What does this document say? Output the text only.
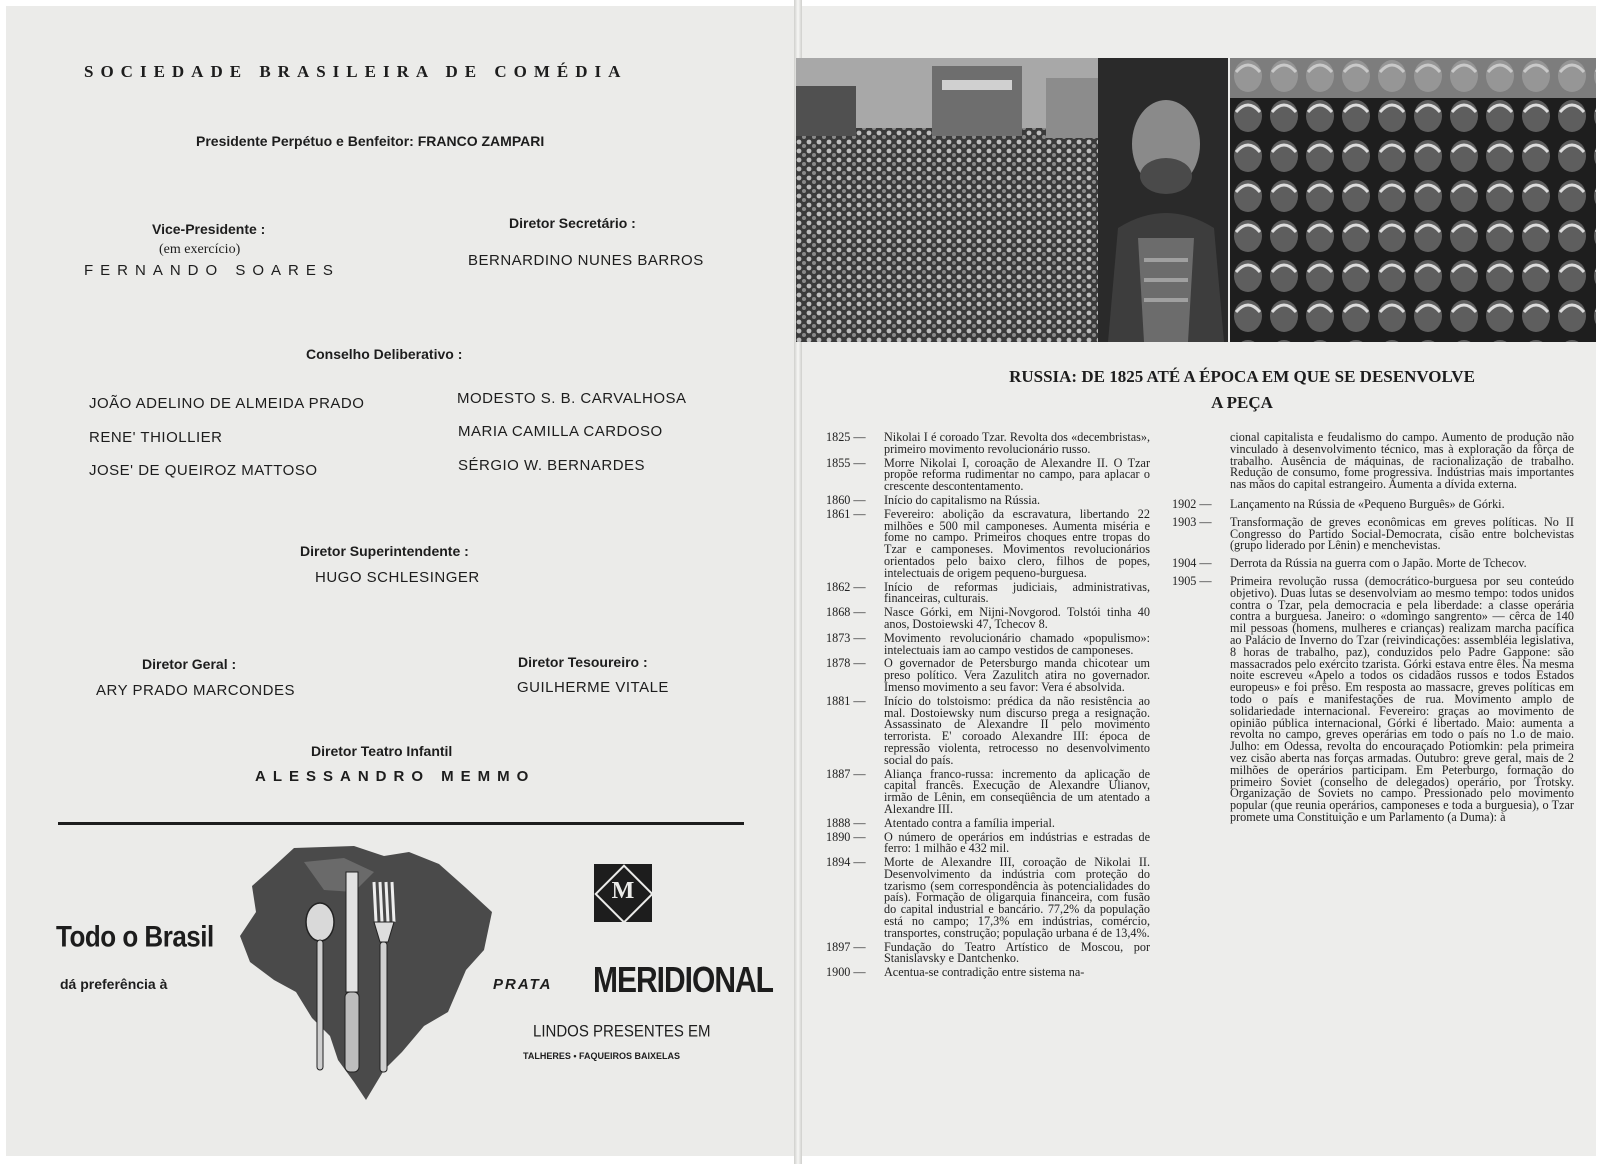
SOCIEDADE BRASILEIRA DE COMÉDIA
Presidente Perpétuo e Benfeitor: FRANCO ZAMPARI
Vice-Presidente :
(em exercício)
FERNANDO SOARES
Diretor Secretário :
BERNARDINO NUNES BARROS
Conselho Deliberativo :
JOÃO ADELINO DE ALMEIDA PRADO
RENE' THIOLLIER
JOSE' DE QUEIROZ MATTOSO
MODESTO S. B. CARVALHOSA
MARIA CAMILLA CARDOSO
SÉRGIO W. BERNARDES
Diretor Superintendente :
HUGO SCHLESINGER
Diretor Geral :
ARY PRADO MARCONDES
Diretor Tesoureiro :
GUILHERME VITALE
Diretor Teatro Infantil
ALESSANDRO MEMMO
Todo o Brasil
dá preferência à
M
PRATA MERIDIONAL
LINDOS PRESENTES EM
TALHERES • FAQUEIROS BAIXELAS
RUSSIA: DE 1825 ATÉ A ÉPOCA EM QUE SE DESENVOLVE
A PEÇA
1825 —	Nikolai I é coroado Tzar. Revolta dos «decembristas», primeiro movimento revolucionário russo.
1855 —	Morre Nikolai I, coroação de Alexandre II. O Tzar propõe reforma rudimentar no campo, para aplacar o crescente descontentamento.
1860 —	Início do capitalismo na Rússia.
1861 —	Fevereiro: abolição da escravatura, libertando 22 milhões e 500 mil camponeses. Aumenta miséria e fome no campo. Primeiros choques entre tropas do Tzar e camponeses. Movimentos revolucionários orientados pelo baixo clero, filhos de popes, intelectuais de origem pequeno-burguesa.
1862 —	Início de reformas judiciais, administrativas, financeiras, culturais.
1868 —	Nasce Górki, em Nijni-Novgorod. Tolstói tinha 40 anos, Dostoiewski 47, Tchecov 8.
1873 —	Movimento revolucionário chamado «populismo»: intelectuais iam ao campo vestidos de camponeses.
1878 —	O governador de Petersburgo manda chicotear um preso político. Vera Zazulitch atira no governador. Imenso movimento a seu favor: Vera é absolvida.
1881 —	Início do tolstoismo: prédica da não resistência ao mal. Dostoiewsky num discurso prega a resignação. Assassinato de Alexandre II pelo movimento terrorista. E' coroado Alexandre III: época de repressão violenta, retrocesso no desenvolvimento social do país.
1887 —	Aliança franco-russa: incremento da aplicação de capital francês. Execução de Alexandre Ulianov, irmão de Lênin, em conseqüência de um atentado a Alexandre III.
1888 —	Atentado contra a família imperial.
1890 —	O número de operários em indústrias e estradas de ferro: 1 milhão e 432 mil.
1894 —	Morte de Alexandre III, coroação de Nikolai II. Desenvolvimento da indústria com proteção do tzarismo (sem correspondência às potencialidades do país). Formação de oligarquia financeira, com fusão do capital industrial e bancário. 77,2% da população está no campo; 17,3% em indústrias, comércio, transportes, construção; população urbana é de 13,4%.
1897 —	Fundação do Teatro Artístico de Moscou, por Stanislavsky e Dantchenko.
1900 —	Acentua-se contradição entre sistema na-
cional capitalista e feudalismo do campo. Aumento de produção não vinculado à desenvolvimento técnico, mas à exploração da fôrça de trabalho. Ausência de máquinas, de racionalização de trabalho. Redução de consumo, fome progressiva. Indústrias mais importantes nas mãos do capital estrangeiro. Aumenta a dívida externa.
1902 —	Lançamento na Rússia de «Pequeno Burguês» de Górki.
1903 —	Transformação de greves econômicas em greves políticas. No II Congresso do Partido Social-Democrata, cisão entre bolchevistas (grupo liderado por Lênin) e menchevistas.
1904 —	Derrota da Rússia na guerra com o Japão. Morte de Tchecov.
1905 —	Primeira revolução russa (democrático-burguesa por seu conteúdo objetivo). Duas lutas se desenvolviam ao mesmo tempo: todos unidos contra o Tzar, pela democracia e pela liberdade: a classe operária contra a burguesa. Janeiro: o «domingo sangrento» — cêrca de 140 mil pessoas (homens, mulheres e crianças) realizam marcha pacífica ao Palácio de Inverno do Tzar (reivindicações: assembléia legislativa, 8 horas de trabalho, paz), conduzidos pelo Padre Gappone: são massacrados pelo exército tzarista. Górki estava entre êles. Na mesma noite escreveu «Apelo a todos os cidadãos russos e todos Estados europeus» e foi prêso. Em resposta ao massacre, greves políticas em todo o país e manifestações de rua. Movimento amplo de solidariedade internacional. Fevereiro: graças ao movimento de opinião pública internacional, Górki é libertado. Maio: aumenta a revolta no campo, greves operárias em todo o país no 1.o de maio. Julho: em Odessa, revolta do encouraçado Potiomkin: pela primeira vez cisão aberta nas forças armadas. Outubro: greve geral, mais de 2 milhões de operários participam. Em Peterburgo, formação do primeiro Soviet (conselho de delegados) operário, por Trotsky. Organização de Soviets no campo. Pressionado pelo movimento popular (que reunia operários, camponeses e toda a burguesia), o Tzar promete uma Constituição e um Parlamento (a Duma): à
